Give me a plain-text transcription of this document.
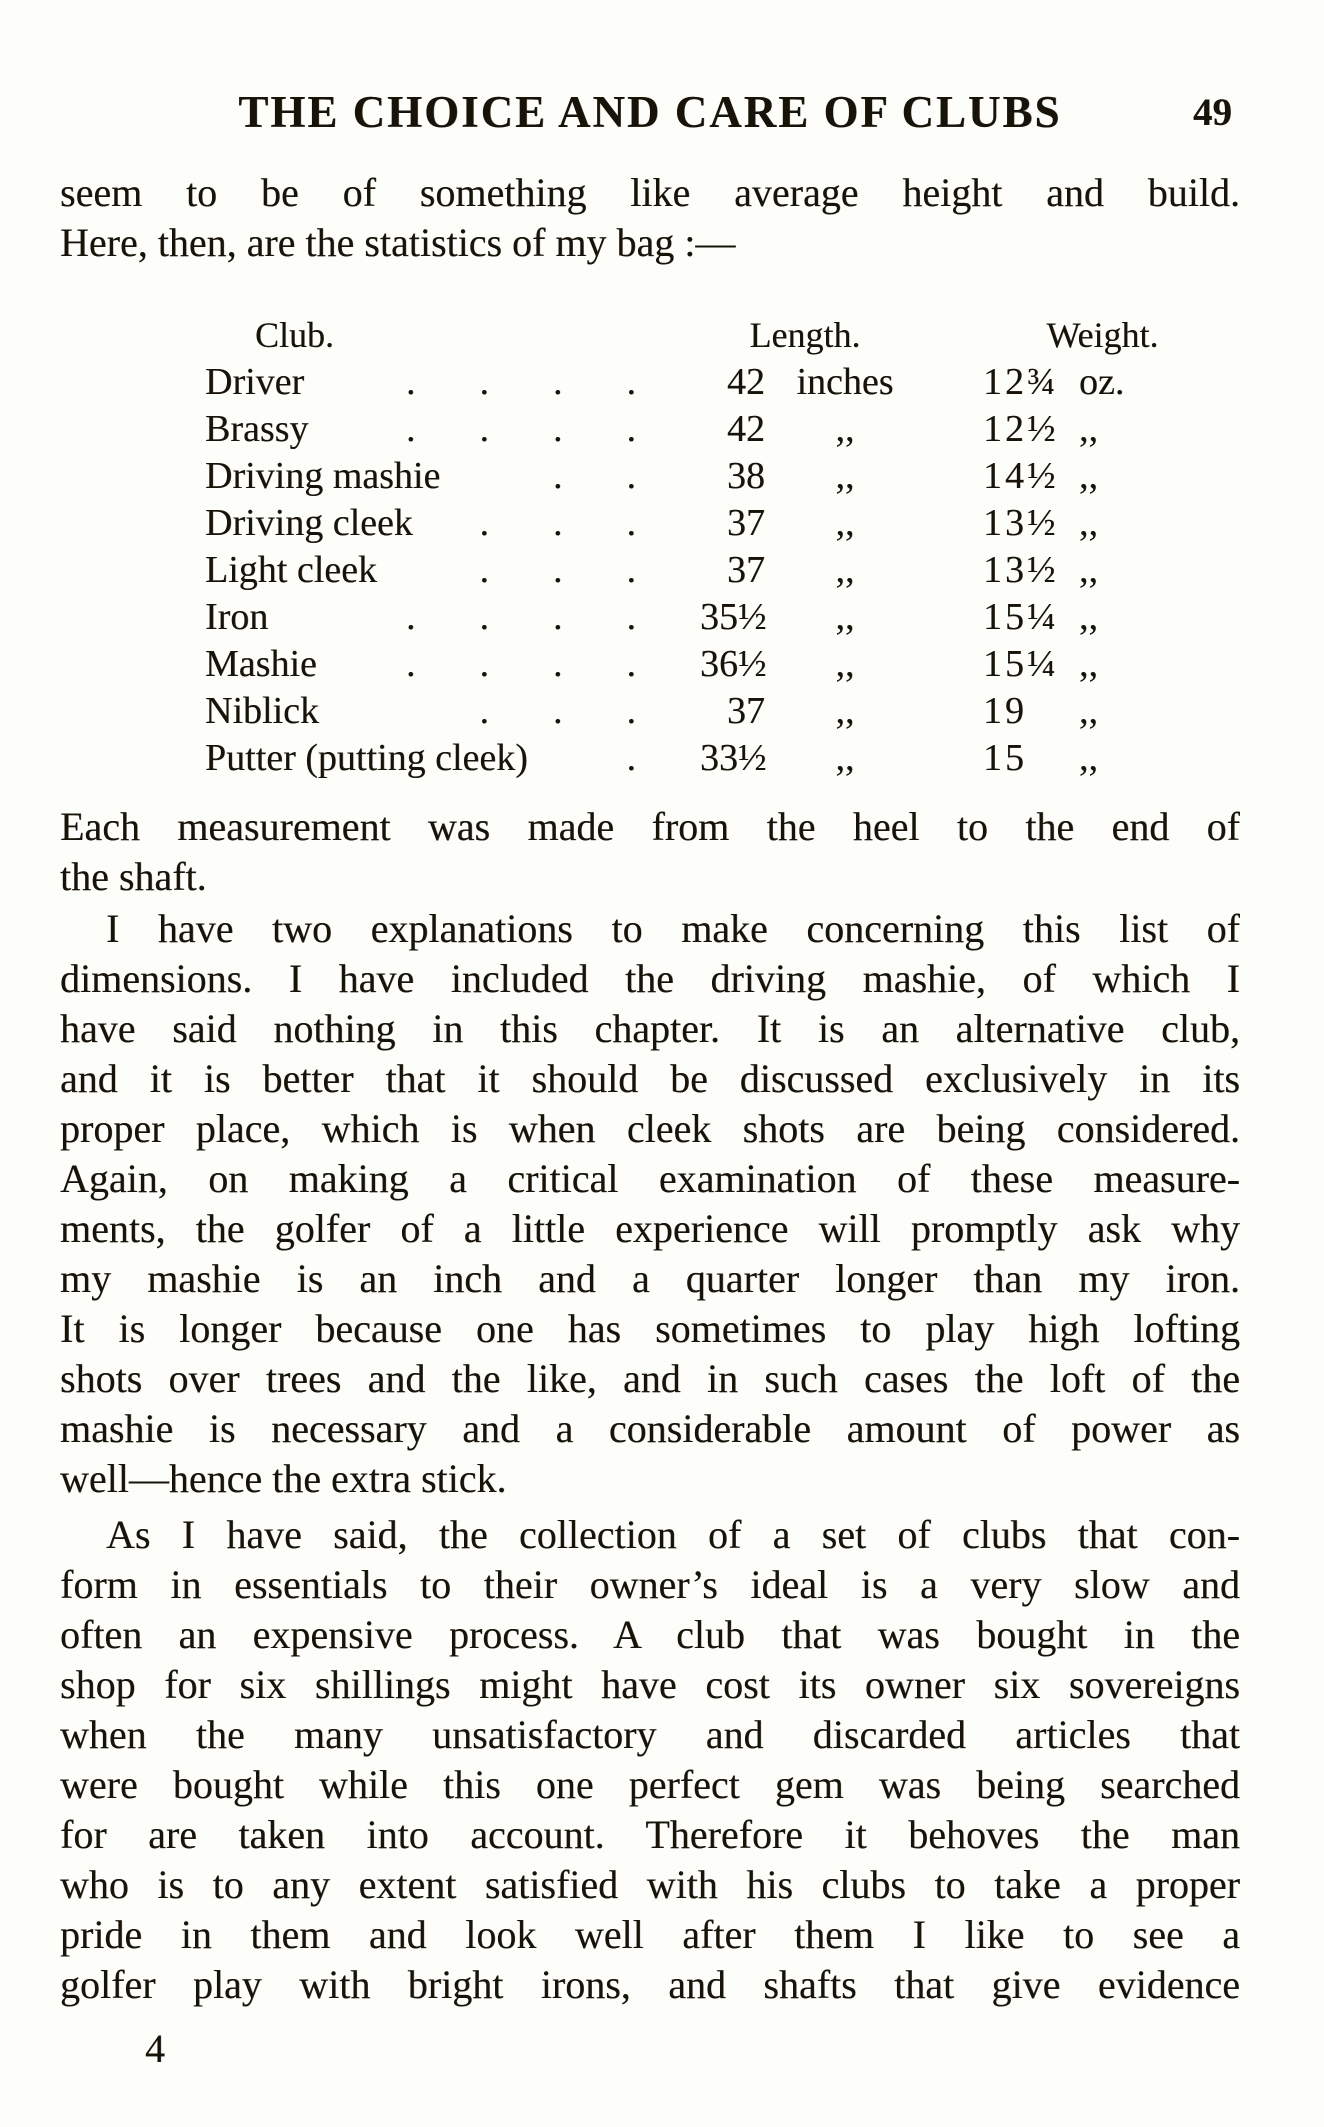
THE CHOICE AND CARE OF CLUBS	49

seem to be of something like average height and build.
Here, then, are the statistics of my bag :—

Club.	Length.	Weight.
Driver	.... 42 inches	12¾ oz.
Brassy	.... 42	,,	12½ ,,
Driving mashie	.. 38	,,	14½ ,,
Driving cleek	... 37	,,	13½ ,,
Light cleek	... 37	,,	13½ ,,
Iron	.... 35½	,,	15¼ ,,
Mashie	.... 36½	,,	15¼ ,,
Niblick	... 37	,,	19	,,
Putter (putting cleek)	. 33½	,,	15	,,

Each measurement was made from the heel to the end of
the shaft.

I have two explanations to make concerning this list of
dimensions. I have included the driving mashie, of which I
have said nothing in this chapter. It is an alternative club,
and it is better that it should be discussed exclusively in its
proper place, which is when cleek shots are being considered.
Again, on making a critical examination of these measure-
ments, the golfer of a little experience will promptly ask why
my mashie is an inch and a quarter longer than my iron.
It is longer because one has sometimes to play high lofting
shots over trees and the like, and in such cases the loft of the
mashie is necessary and a considerable amount of power as
well—hence the extra stick.

As I have said, the collection of a set of clubs that con-
form in essentials to their owner’s ideal is a very slow and
often an expensive process. A club that was bought in the
shop for six shillings might have cost its owner six sovereigns
when the many unsatisfactory and discarded articles that
were bought while this one perfect gem was being searched
for are taken into account. Therefore it behoves the man
who is to any extent satisfied with his clubs to take a proper
pride in them and look well after them I like to see a
golfer play with bright irons, and shafts that give evidence

4
